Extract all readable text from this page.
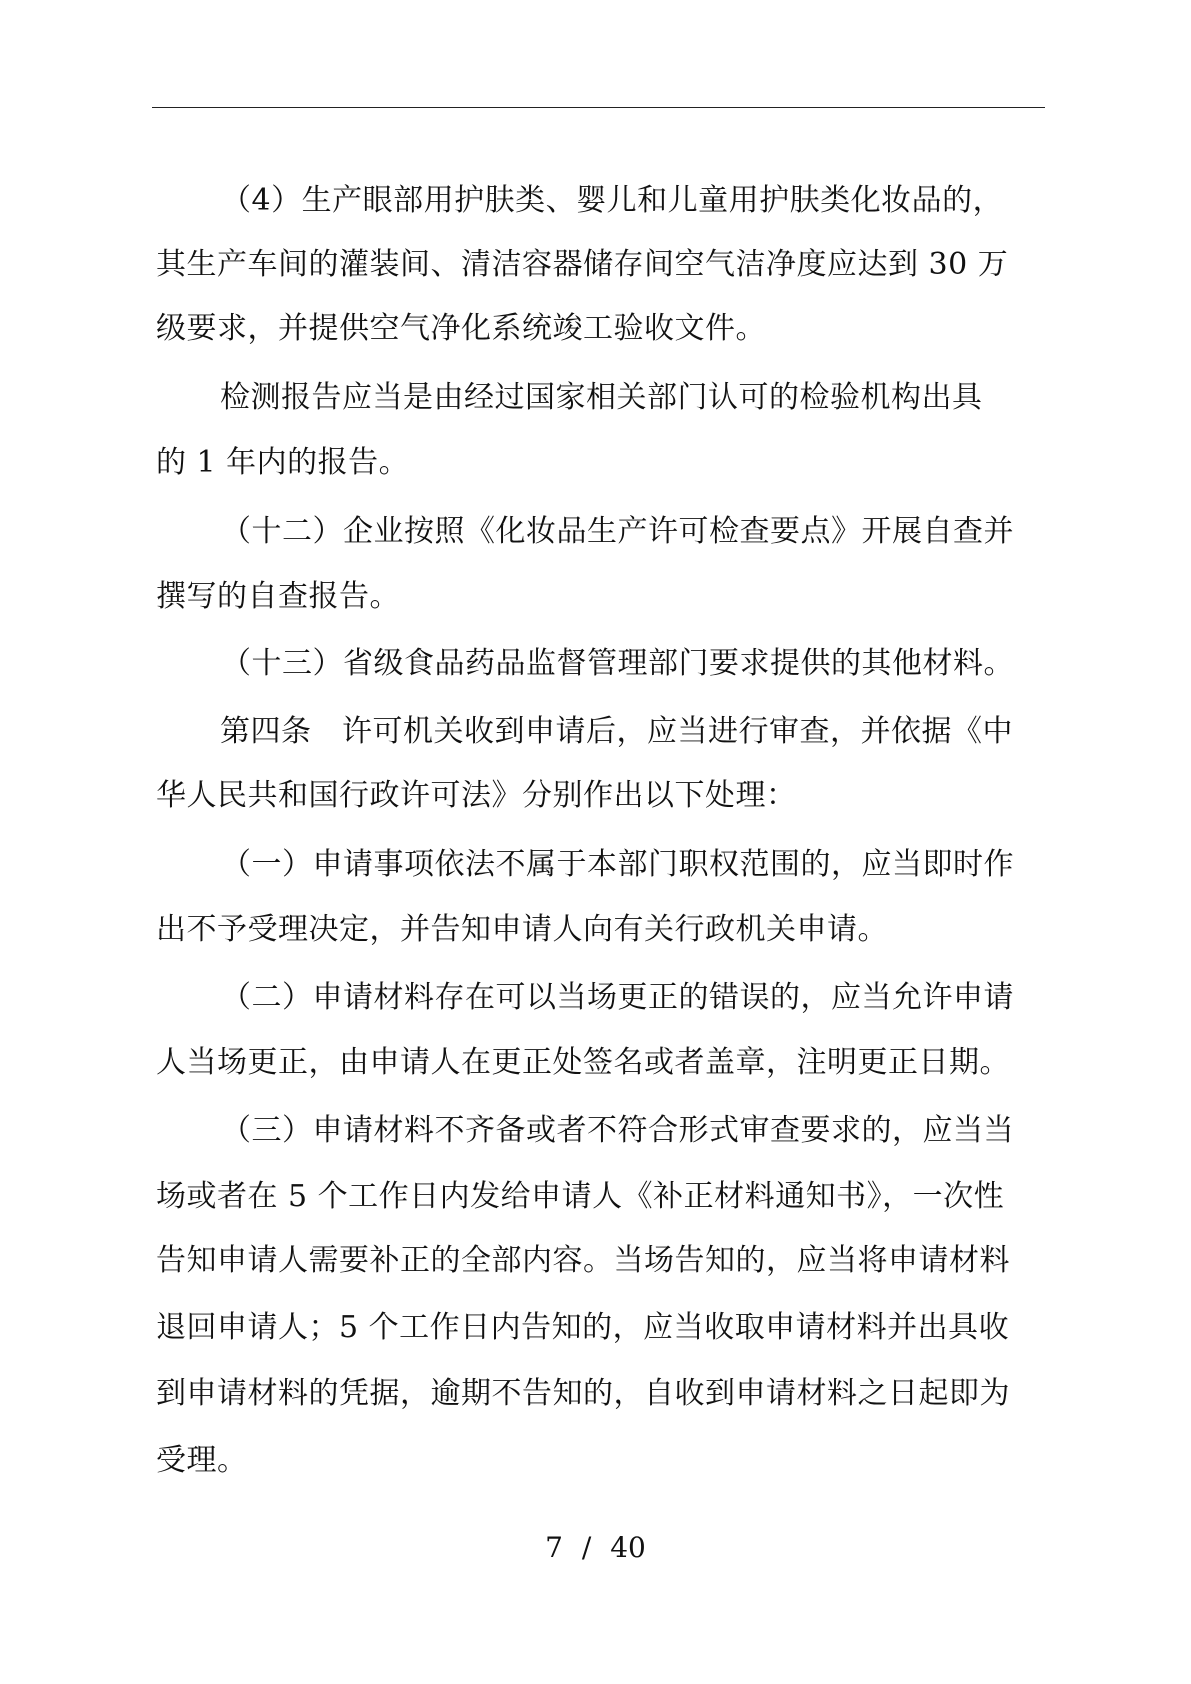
（4）生产眼部用护肤类、婴儿和儿童用护肤类化妆品的，
其生产车间的灌装间、清洁容器储存间空气洁净度应达到 30 万
级要求，并提供空气净化系统竣工验收文件。
检测报告应当是由经过国家相关部门认可的检验机构出具
的 1 年内的报告。
（十二）企业按照《化妆品生产许可检查要点》开展自查并
撰写的自查报告。
（十三）省级食品药品监督管理部门要求提供的其他材料。
第四条　许可机关收到申请后，应当进行审查，并依据《中
华人民共和国行政许可法》分别作出以下处理：
（一）申请事项依法不属于本部门职权范围的，应当即时作
出不予受理决定，并告知申请人向有关行政机关申请。
（二）申请材料存在可以当场更正的错误的，应当允许申请
人当场更正，由申请人在更正处签名或者盖章，注明更正日期。
（三）申请材料不齐备或者不符合形式审查要求的，应当当
场或者在 5 个工作日内发给申请人《补正材料通知书》，一次性
告知申请人需要补正的全部内容。当场告知的，应当将申请材料
退回申请人；5 个工作日内告知的，应当收取申请材料并出具收
到申请材料的凭据，逾期不告知的，自收到申请材料之日起即为
受理。
7 / 40
